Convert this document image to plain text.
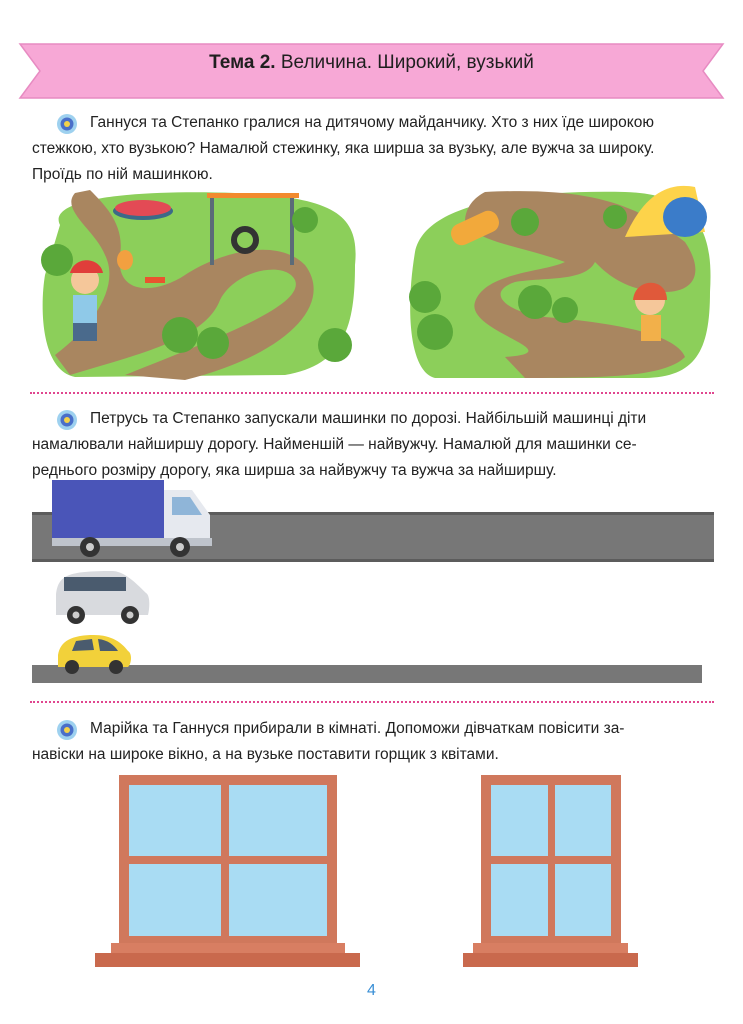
Тема 2. Величина. Широкий, вузький
Ганнуся та Степанко гралися на дитячому майданчику. Хто з них їде широкою
стежкою, хто вузькою? Намалюй стежинку, яка ширша за вузьку, але вужча за широку.
Проїдь по ній машинкою.
Петрусь та Степанко запускали машинки по дорозі. Найбільшій машинці діти
намалювали найширшу дорогу. Найменшій — найвужчу. Намалюй для машинки се-
реднього розміру дорогу, яка ширша за найвужчу та вужча за найширшу.
Марійка та Ганнуся прибирали в кімнаті. Допоможи дівчаткам повісити за-
навіски на широке вікно, а на вузьке поставити горщик з квітами.
4
